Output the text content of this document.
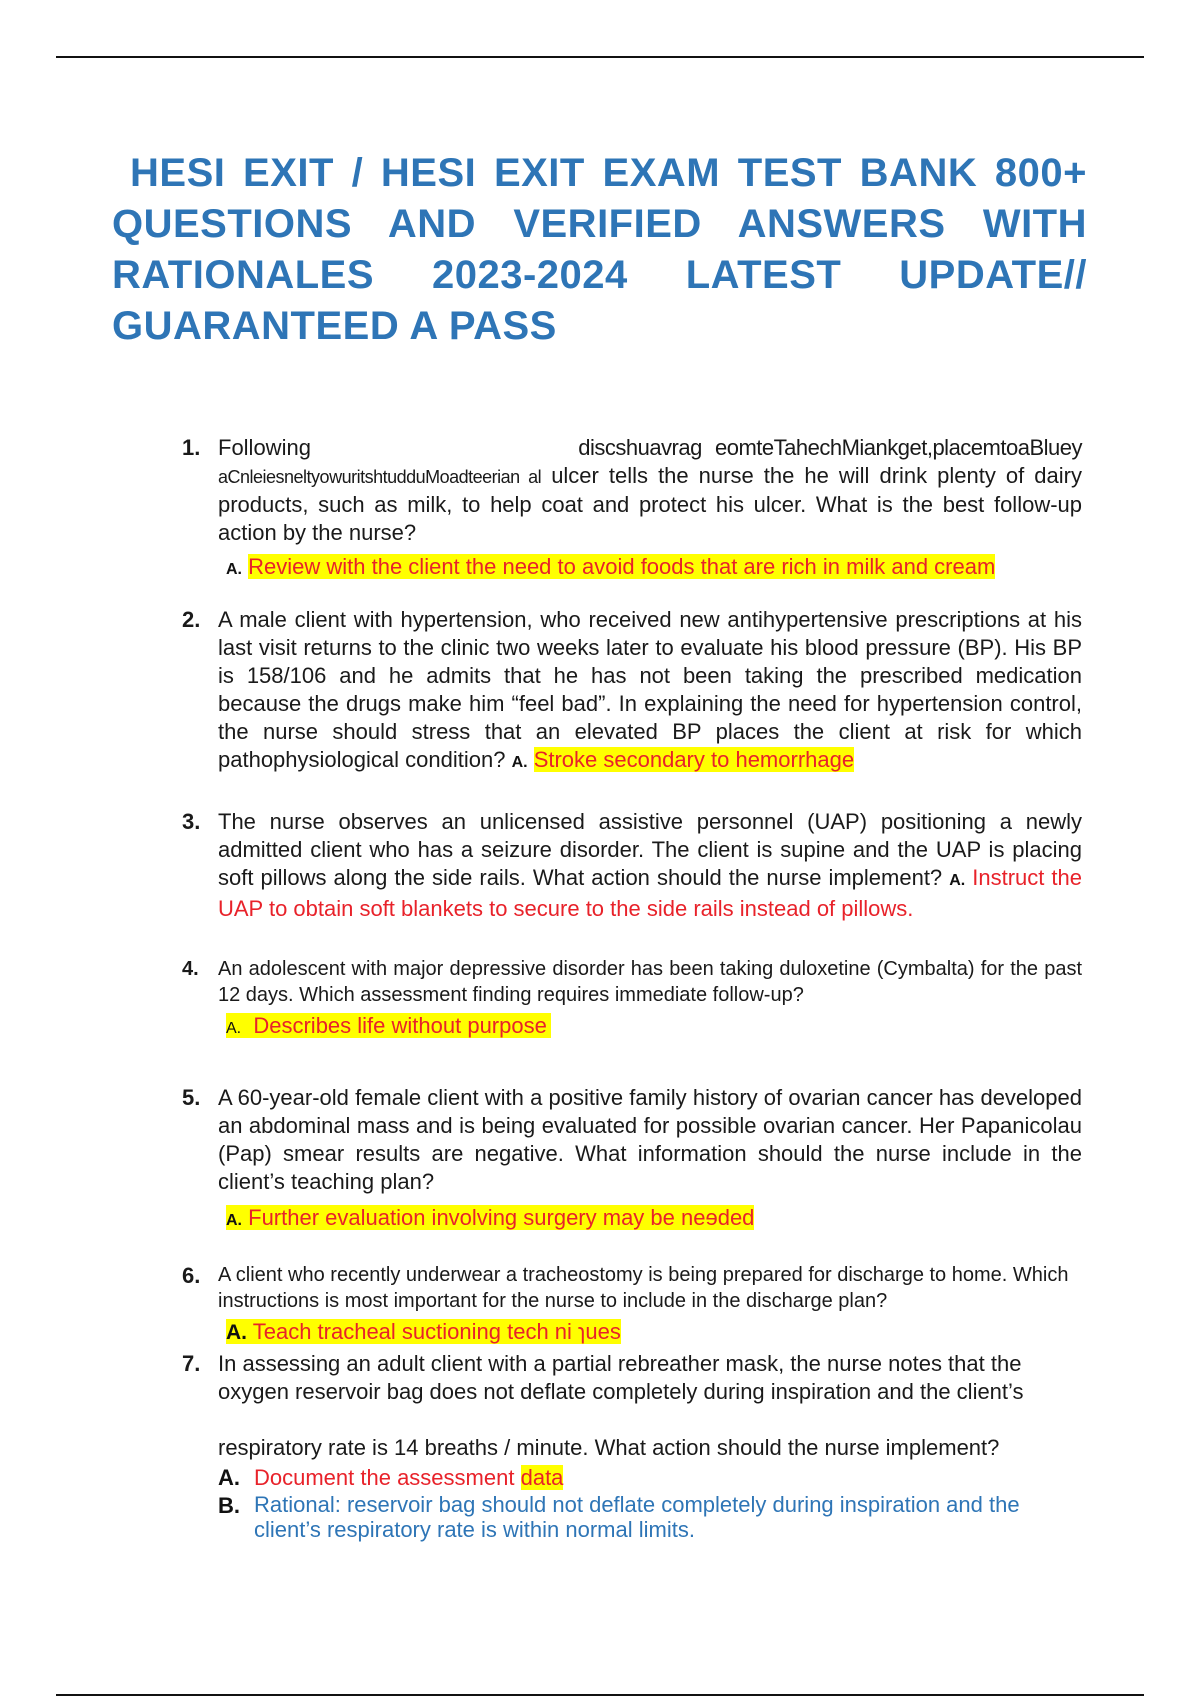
HESI EXIT / HESI EXIT EXAM TEST BANK 800+ QUESTIONS AND VERIFIED ANSWERS WITH RATIONALES 2023-2024 LATEST UPDATE// GUARANTEED A PASS
1. Following	discshuavrag eomteTahechMiankget,placemtoaBluey aCnleiesneltyowuritshtudduMoadteerian al ulcer tells the nurse the he will drink plenty of dairy products, such as milk, to help coat and protect his ulcer. What is the best follow-up action by the nurse?
A. Review with the client the need to avoid foods that are rich in milk and cream
2. A male client with hypertension, who received new antihypertensive prescriptions at his last visit returns to the clinic two weeks later to evaluate his blood pressure (BP). His BP is 158/106 and he admits that he has not been taking the prescribed medication because the drugs make him “feel bad”. In explaining the need for hypertension control, the nurse should stress that an elevated BP places the client at risk for which pathophysiological condition? A. Stroke secondary to hemorrhage
3. The nurse observes an unlicensed assistive personnel (UAP) positioning a newly admitted client who has a seizure disorder. The client is supine and the UAP is placing soft pillows along the side rails. What action should the nurse implement? A. Instruct the UAP to obtain soft blankets to secure to the side rails instead of pillows.
4. An adolescent with major depressive disorder has been taking duloxetine (Cymbalta) for the past 12 days. Which assessment finding requires immediate follow-up?
A. Describes life without purpose
5. A 60-year-old female client with a positive family history of ovarian cancer has developed an abdominal mass and is being evaluated for possible ovarian cancer. Her Papanicolau (Pap) smear results are negative. What information should the nurse include in the client’s teaching plan?
A. Further evaluation involving surgery may be neɘded
6. A client who recently underwear a tracheostomy is being prepared for discharge to home. Which instructions is most important for the nurse to include in the discharge plan?
A. Teach tracheal suctioning tech ni ɿues
7. In assessing an adult client with a partial rebreather mask, the nurse notes that the oxygen reservoir bag does not deflate completely during inspiration and the client’s
respiratory rate is 14 breaths / minute. What action should the nurse implement?
A. Document the assessment data
B. Rational: reservoir bag should not deflate completely during inspiration and the client’s respiratory rate is within normal limits.
